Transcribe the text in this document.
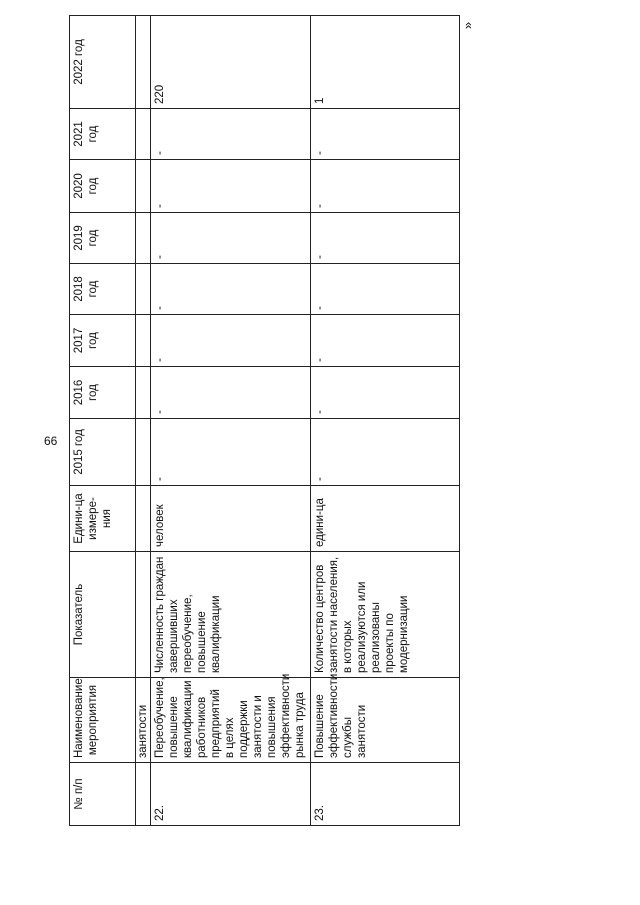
66
»
№ п/п	Наименование мероприятия	Показатель	Едини-ца измере-ния	2015 год	2016 год	2017 год	2018 год	2019 год	2020 год	2021 год	2022 год
	занятости										
22.	Переобучение, повышение квалификации работников предприятий в целях поддержки занятости и повышения эффективности рынка труда	Численность граждан завершивших переобучение, повышение квалификации	человек	-	-	-	-	-	-	-	220
23.	Повышение эффективности службы занятости	Количество центров занятости населения, в которых реализуются или реализованы проекты по модернизации	едини-ца	-	-	-	-	-	-	-	1
